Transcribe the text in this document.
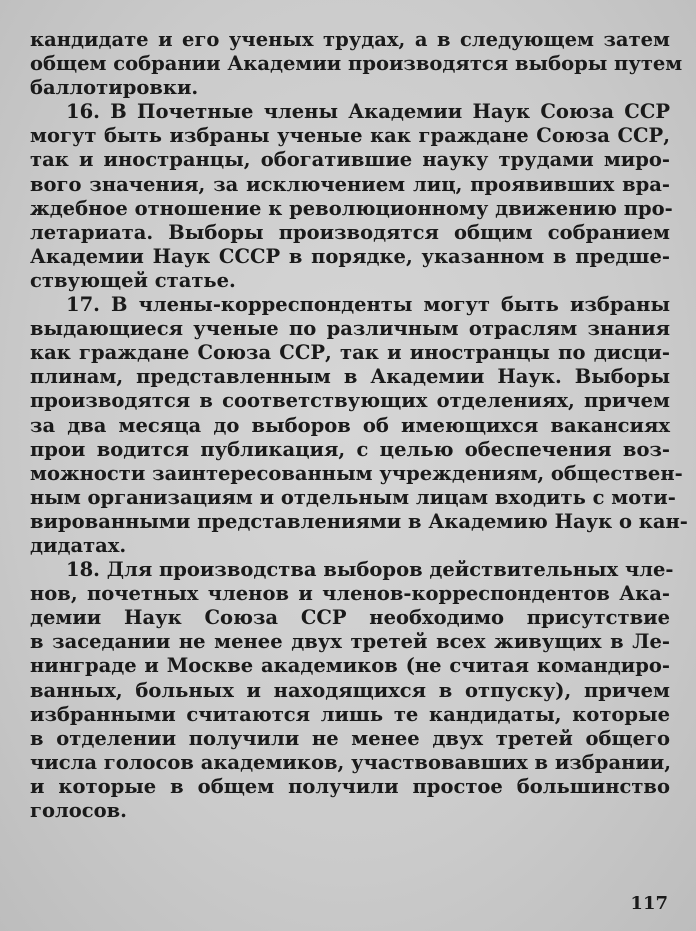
кандидате и его ученых трудах, а в следующем затем
общем собрании Академии производятся выборы путем
баллотировки.
16. В Почетные члены Академии Наук Союза ССР
могут быть избраны ученые как граждане Союза ССР,
так и иностранцы, обогатившие науку трудами миро-
вого значения, за исключением лиц, проявивших вра-
ждебное отношение к революционному движению про-
летариата. Выборы производятся общим собранием
Академии Наук СССР в порядке, указанном в предше-
ствующей статье.
17. В члены-корреспонденты могут быть избраны
выдающиеся ученые по различным отраслям знания
как граждане Союза ССР, так и иностранцы по дисци-
плинам, представленным в Академии Наук. Выборы
производятся в соответствующих отделениях, причем
за два месяца до выборов об имеющихся вакансиях
прои водится публикация, с целью обеспечения воз-
можности заинтересованным учреждениям, обществен-
ным организациям и отдельным лицам входить с моти-
вированными представлениями в Академию Наук о кан-
дидатах.
18. Для производства выборов действительных чле-
нов, почетных членов и членов-корреспондентов Ака-
демии Наук Союза ССР необходимо присутствие
в заседании не менее двух третей всех живущих в Ле-
нинграде и Москве академиков (не считая командиро-
ванных, больных и находящихся в отпуску), причем
избранными считаются лишь те кандидаты, которые
в отделении получили не менее двух третей общего
числа голосов академиков, участвовавших в избрании,
и которые в общем получили простое большинство
голосов.
117
